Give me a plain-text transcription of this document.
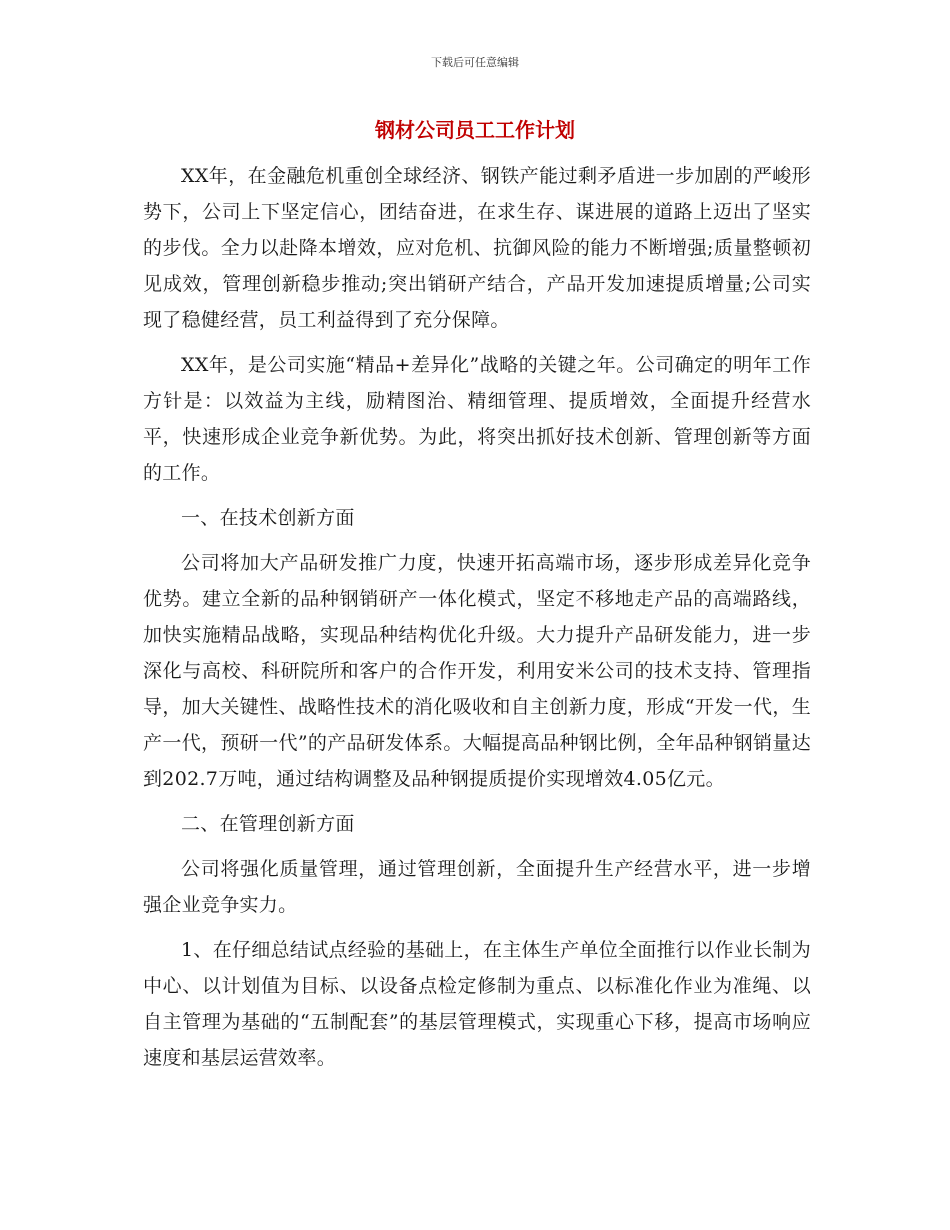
下载后可任意编辑
钢材公司员工工作计划

XX年，在金融危机重创全球经济、钢铁产能过剩矛盾进一步加剧的严峻形势下，公司上下坚定信心，团结奋进，在求生存、谋进展的道路上迈出了坚实的步伐。全力以赴降本增效，应对危机、抗御风险的能力不断增强;质量整顿初见成效，管理创新稳步推动;突出销研产结合，产品开发加速提质增量;公司实现了稳健经营，员工利益得到了充分保障。

XX年，是公司实施“精品+差异化”战略的关键之年。公司确定的明年工作方针是：以效益为主线，励精图治、精细管理、提质增效，全面提升经营水平，快速形成企业竞争新优势。为此，将突出抓好技术创新、管理创新等方面的工作。

一、在技术创新方面

公司将加大产品研发推广力度，快速开拓高端市场，逐步形成差异化竞争优势。建立全新的品种钢销研产一体化模式，坚定不移地走产品的高端路线，加快实施精品战略，实现品种结构优化升级。大力提升产品研发能力，进一步深化与高校、科研院所和客户的合作开发，利用安米公司的技术支持、管理指导，加大关键性、战略性技术的消化吸收和自主创新力度，形成“开发一代，生产一代，预研一代”的产品研发体系。大幅提高品种钢比例，全年品种钢销量达到202.7万吨，通过结构调整及品种钢提质提价实现增效4.05亿元。

二、在管理创新方面

公司将强化质量管理，通过管理创新，全面提升生产经营水平，进一步增强企业竞争实力。

1、在仔细总结试点经验的基础上，在主体生产单位全面推行以作业长制为中心、以计划值为目标、以设备点检定修制为重点、以标准化作业为准绳、以自主管理为基础的“五制配套”的基层管理模式，实现重心下移，提高市场响应速度和基层运营效率。
